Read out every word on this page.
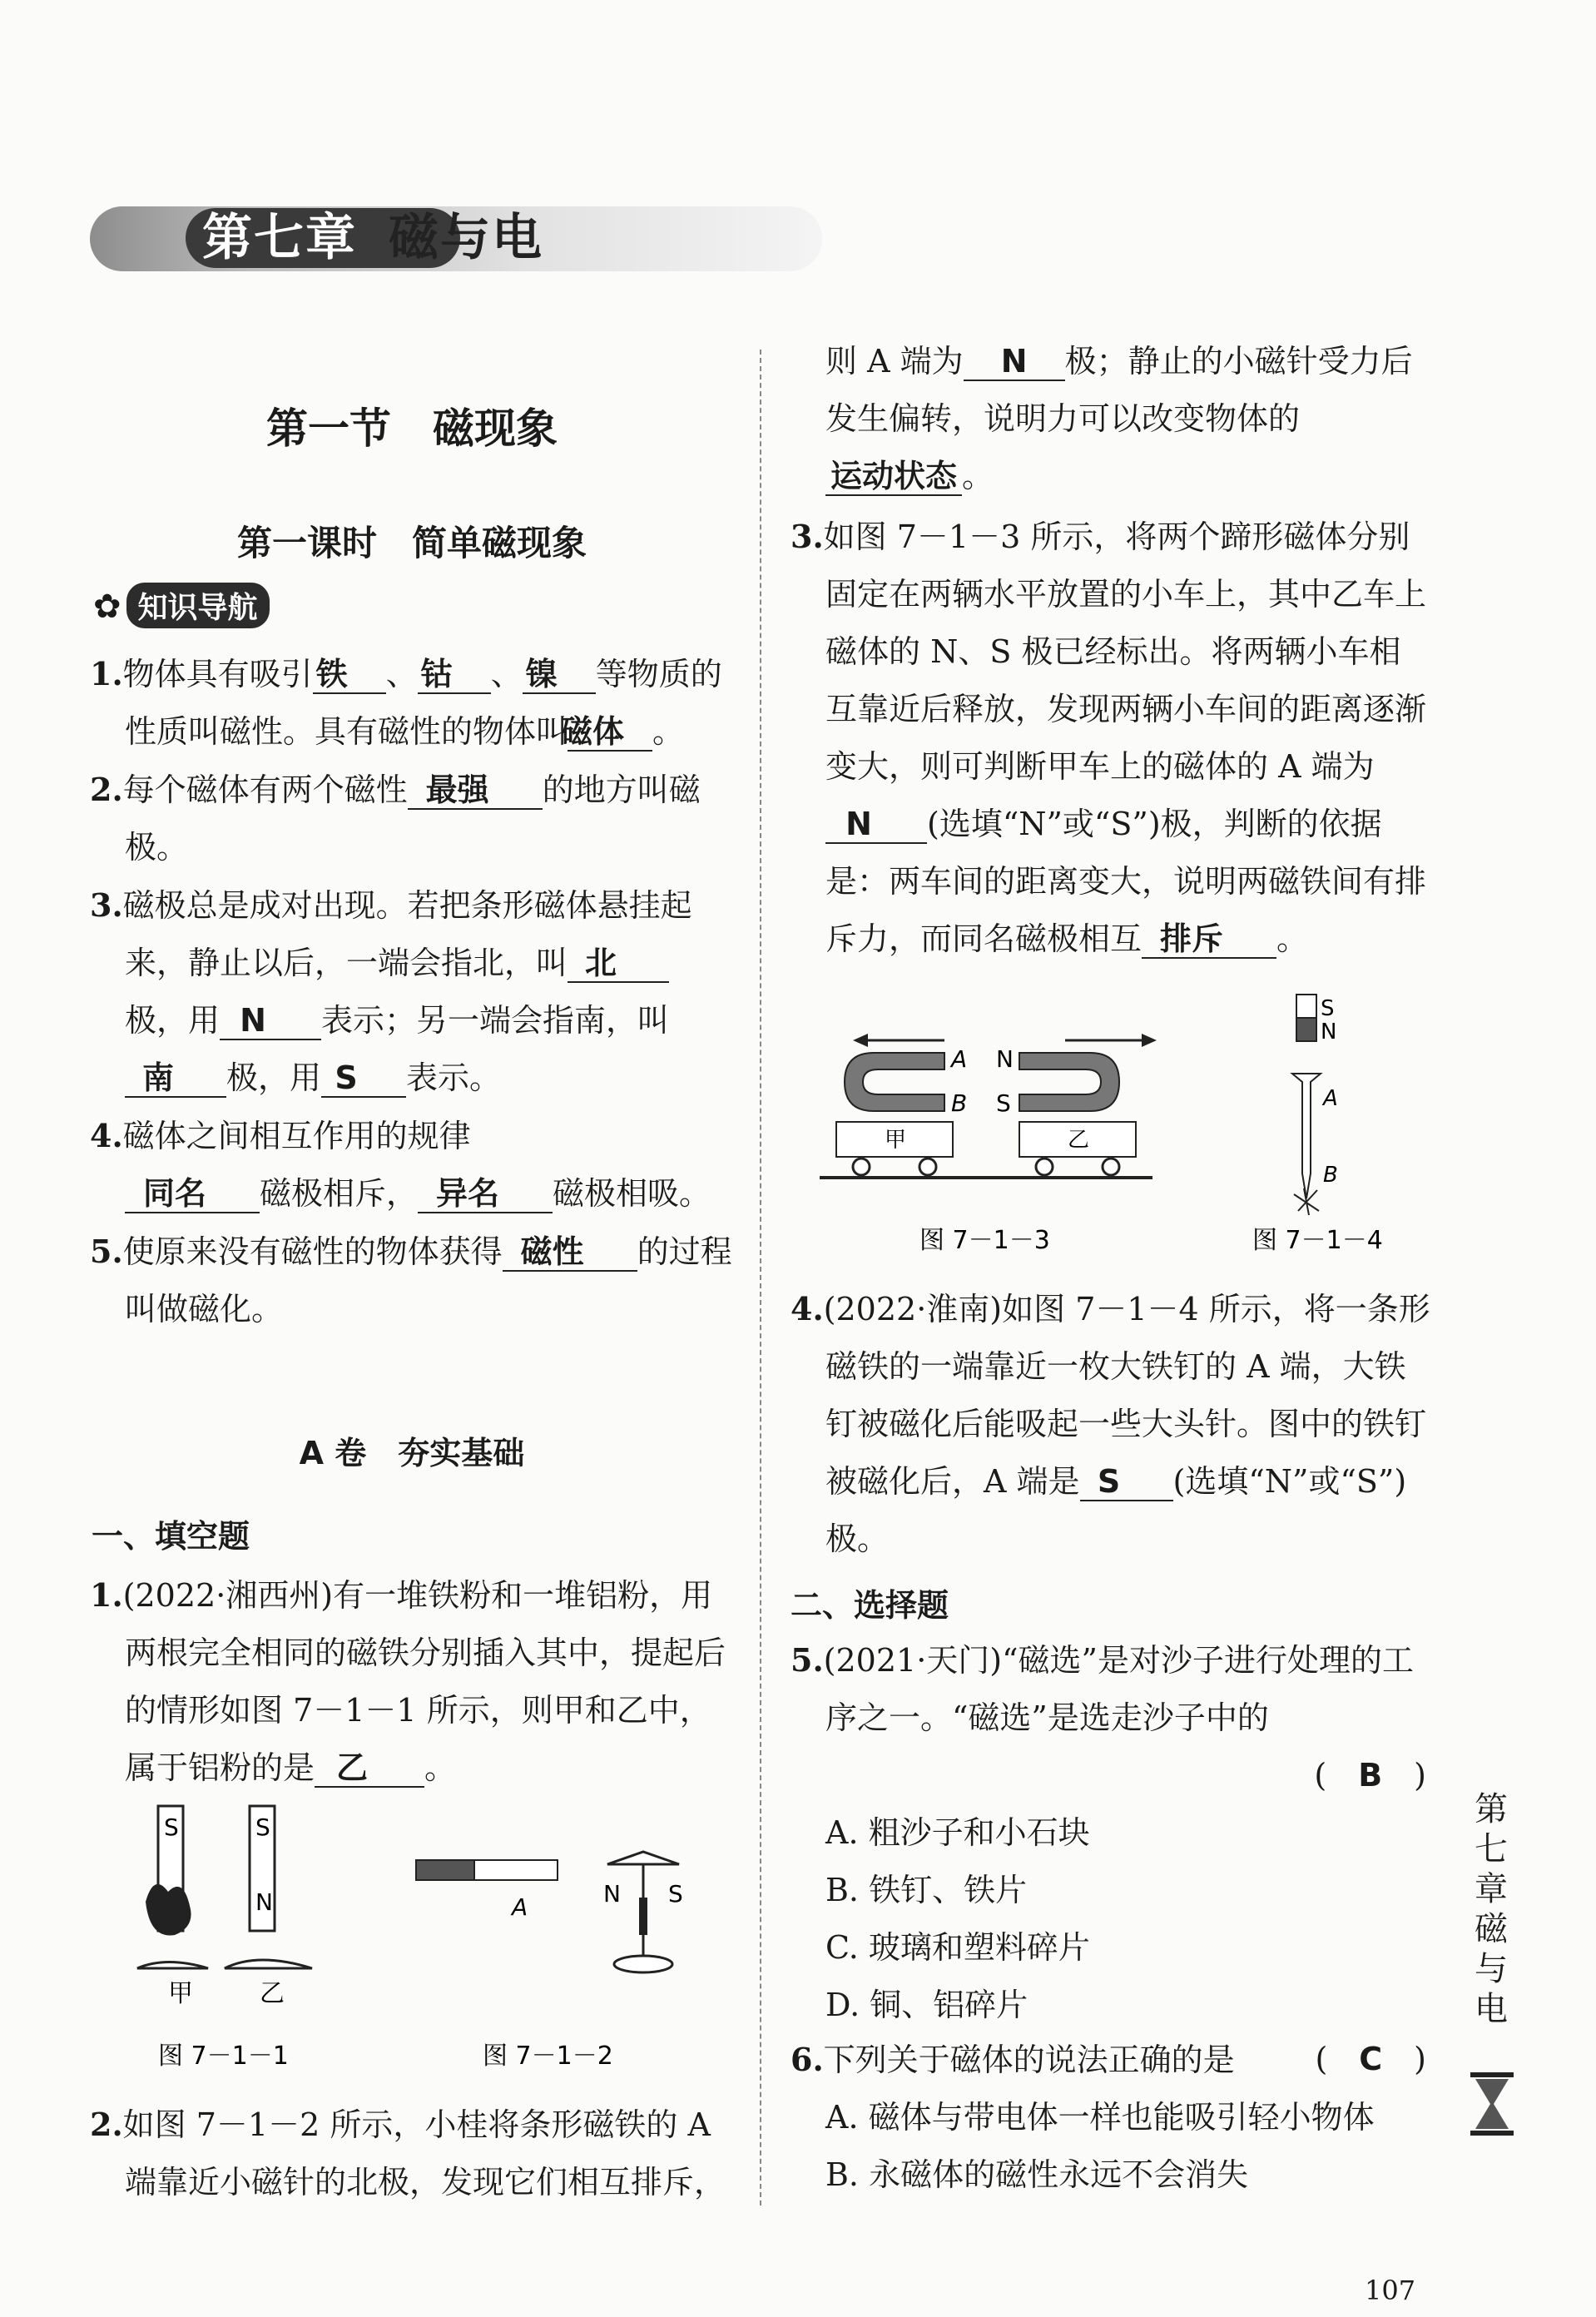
第七章 磁与电
第一节　磁现象
第一课时　简单磁现象
✿ 知识导航

1.物体具有吸引 铁 、 钴 、 镍 等物质的性质叫磁性。具有磁性的物体叫磁体 。

2.每个磁体有两个磁性 最强 的地方叫磁极。

3.磁极总是成对出现。若把条形磁体悬挂起来，静止以后，一端会指北，叫 北极，用 N 表示；另一端会指南，叫南 极，用 S 表示。

4.磁体之间相互作用的规律
同名 磁极相斥， 异名 磁极相吸。

5.使原来没有磁性的物体获得 磁性 的过程叫做磁化。

A 卷　夯实基础
一、填空题

1.(2022·湘西州)有一堆铁粉和一堆铝粉，用两根完全相同的磁铁分别插入其中，提起后的情形如图 7－1－1 所示，则甲和乙中，属于铝粉的是 乙 。

S
甲
S
N
乙
图 7－1－1
A	N S
图 7－1－2

2.如图 7－1－2 所示，小桂将条形磁铁的 A 端靠近小磁针的北极，发现它们相互排斥，

则 A 端为 N 极；静止的小磁针受力后发生偏转，说明力可以改变物体的运动状态 。

3.如图 7－1－3 所示，将两个蹄形磁体分别固定在两辆水平放置的小车上，其中乙车上磁体的 N、S 极已经标出。将两辆小车相互靠近后释放，发现两辆小车间的距离逐渐变大，则可判断甲车上的磁体的 A 端为N (选填“N”或“S”)极，判断的依据是：两车间的距离变大，说明两磁铁间有排斥力，而同名磁极相互 排斥 。

A
B
甲
N
S
乙
图 7－1－3
S
N
A
B
图 7－1－4

4.(2022·淮南)如图 7－1－4 所示，将一条形磁铁的一端靠近一枚大铁钉的 A 端，大铁钉被磁化后能吸起一些大头针。图中的铁钉被磁化后，A 端是 S (选填“N”或“S”)极。

二、选择题

5.(2021·天门)“磁选”是对沙子进行处理的工序之一。“磁选”是选走沙子中的

(　B　)

A. 粗沙子和小石块

B. 铁钉、铁片

C. 玻璃和塑料碎片

D. 铜、铝碎片

6.下列关于磁体的说法正确的是	(　C　)

A. 磁体与带电体一样也能吸引轻小物体

B. 永磁体的磁性永远不会消失

第七章　磁与电
107
